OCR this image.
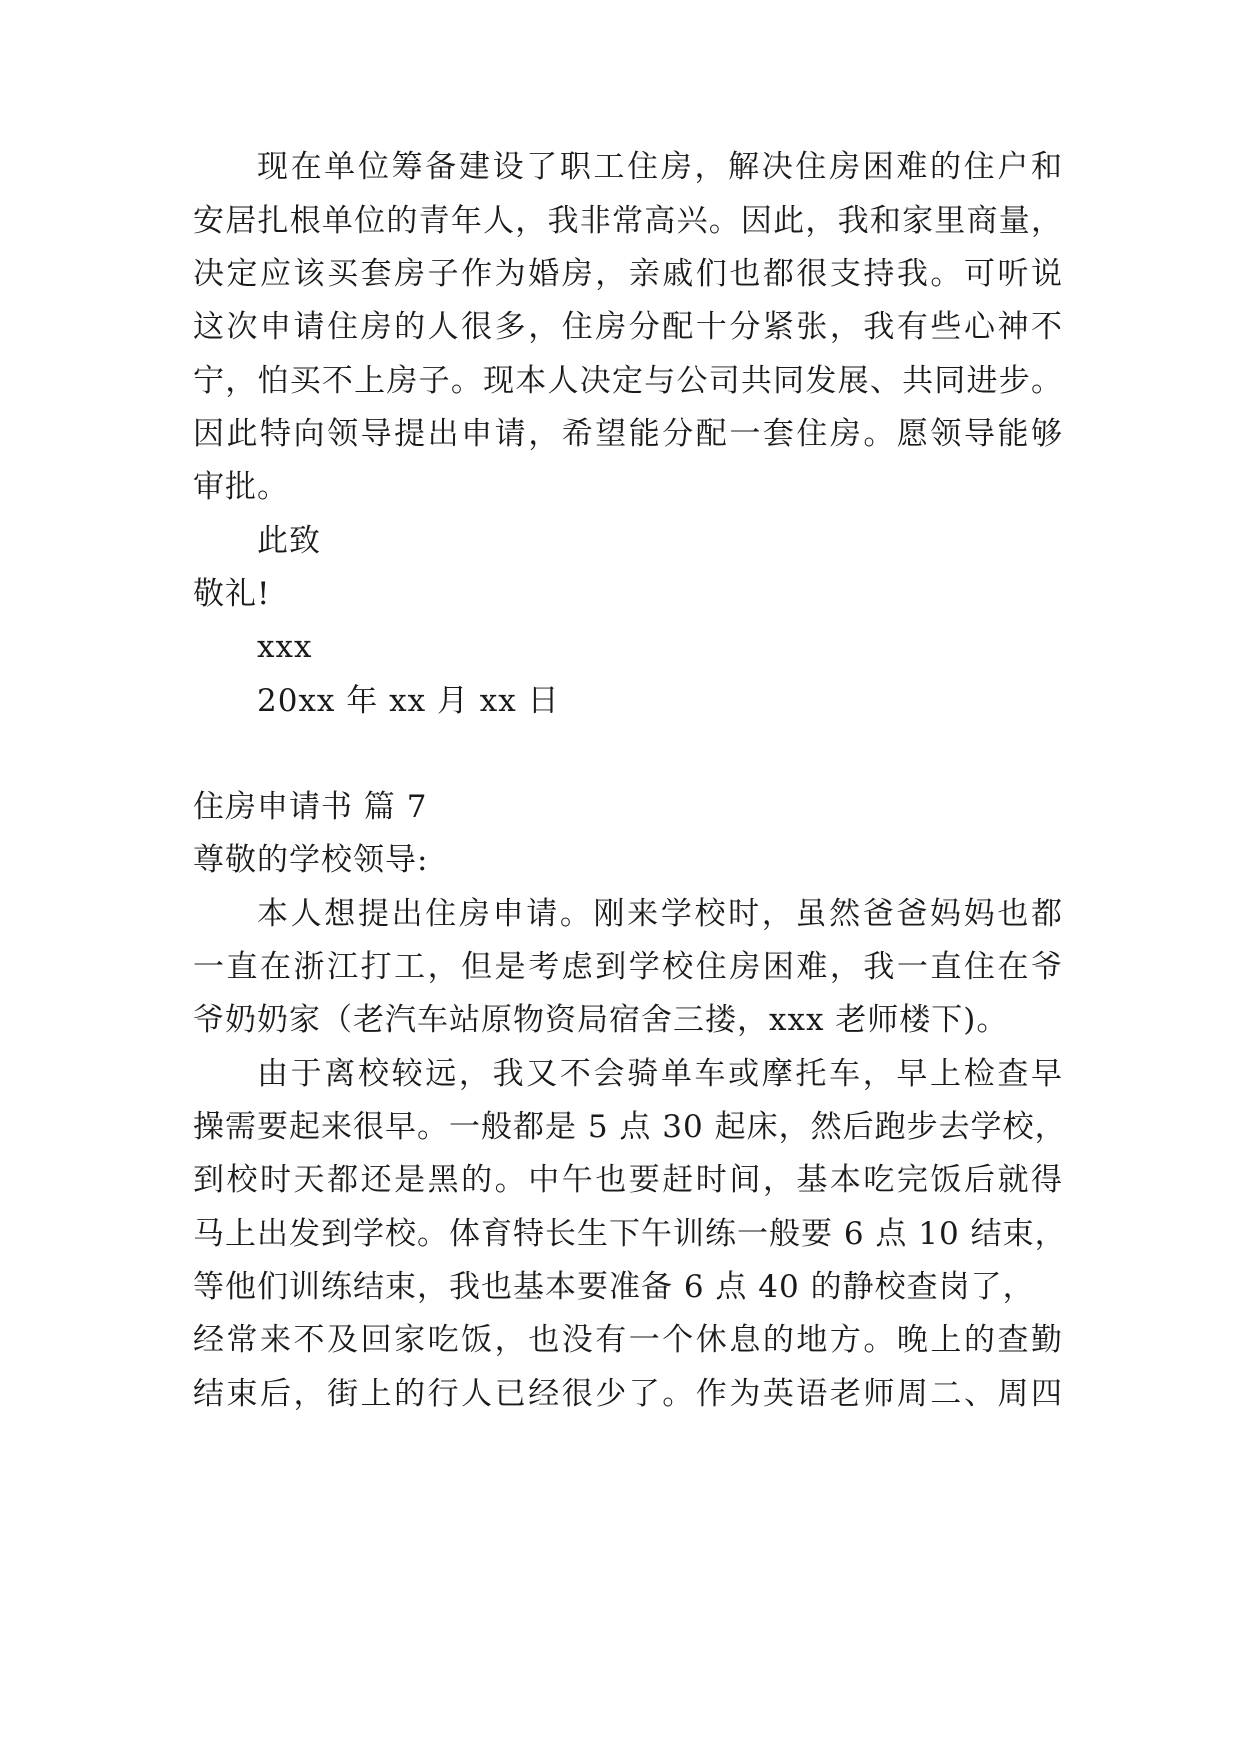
现在单位筹备建设了职工住房，解决住房困难的住户和
安居扎根单位的青年人，我非常高兴。因此，我和家里商量，
决定应该买套房子作为婚房，亲戚们也都很支持我。可听说
这次申请住房的人很多，住房分配十分紧张，我有些心神不
宁，怕买不上房子。现本人决定与公司共同发展、共同进步。
因此特向领导提出申请，希望能分配一套住房。愿领导能够
审批。
此致
敬礼!
xxx
20xx 年 xx 月 xx 日
住房申请书 篇 7
尊敬的学校领导:
本人想提出住房申请。刚来学校时，虽然爸爸妈妈也都
一直在浙江打工，但是考虑到学校住房困难，我一直住在爷
爷奶奶家（老汽车站原物资局宿舍三搂，xxx 老师楼下)。
由于离校较远，我又不会骑单车或摩托车，早上检查早
操需要起来很早。一般都是 5 点 30 起床，然后跑步去学校，
到校时天都还是黑的。中午也要赶时间，基本吃完饭后就得
马上出发到学校。体育特长生下午训练一般要 6 点 10 结束，
等他们训练结束，我也基本要准备 6 点 40 的静校查岗了，
经常来不及回家吃饭，也没有一个休息的地方。晚上的查勤
结束后，街上的行人已经很少了。作为英语老师周二、周四
